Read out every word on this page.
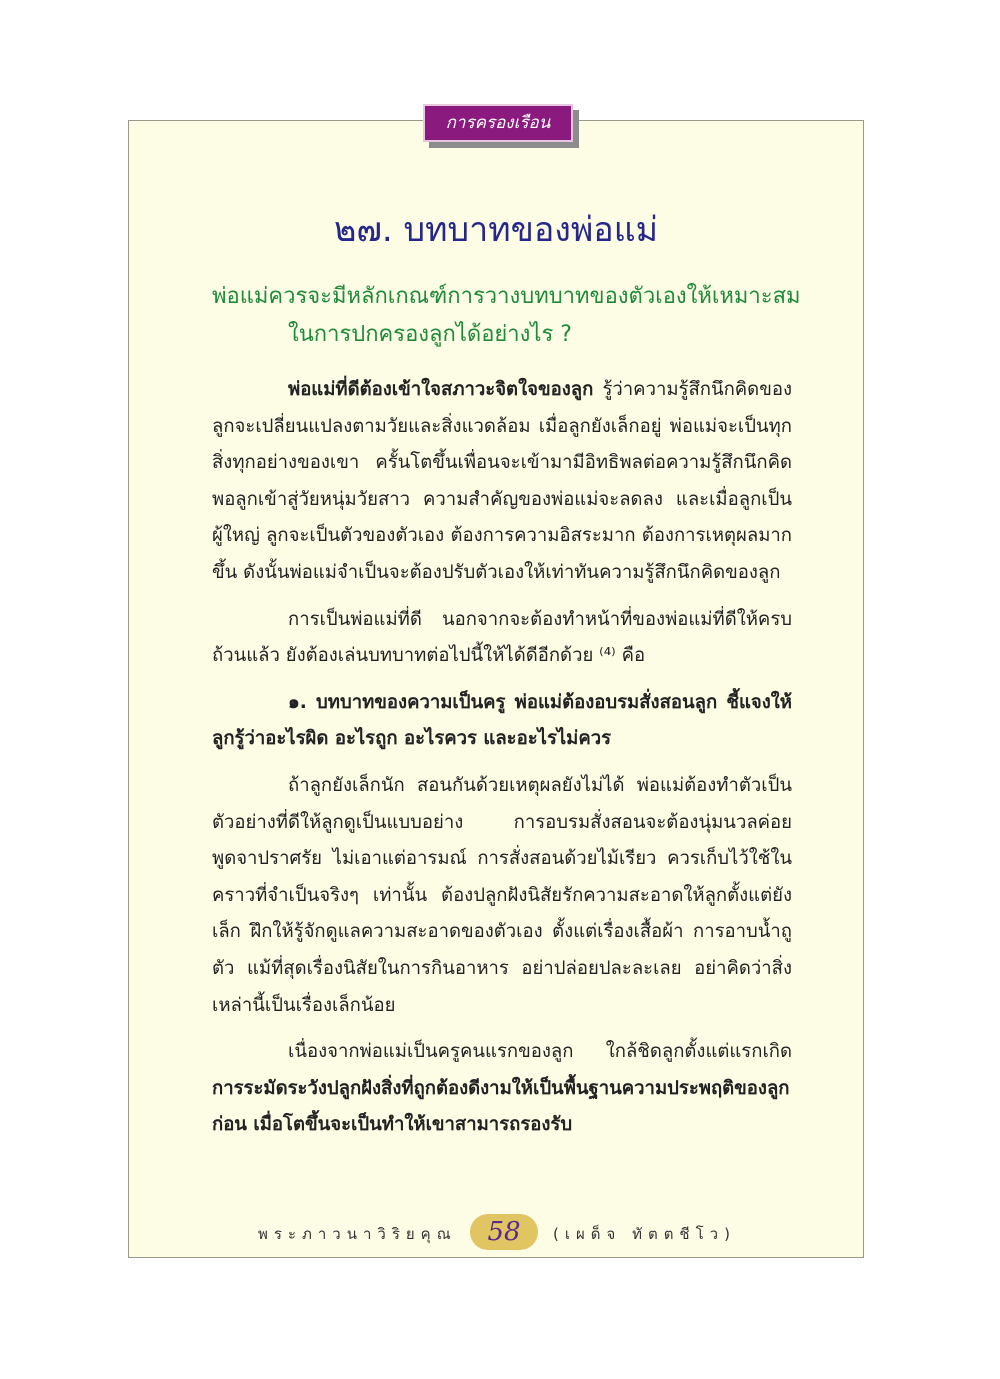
การครองเรือน
๒๗. บทบาทของพ่อแม่
พ่อแม่ควรจะมีหลักเกณฑ์การวางบทบาทของตัวเองให้เหมาะสม
ในการปกครองลูกได้อย่างไร ?

พ่อแม่ที่ดีต้องเข้าใจสภาวะจิตใจของลูก รู้ว่าความรู้สึกนึกคิดของลูกจะเปลี่ยนแปลงตามวัยและสิ่งแวดล้อม เมื่อลูกยังเล็กอยู่ พ่อแม่จะเป็นทุกสิ่งทุกอย่างของเขา ครั้นโตขึ้นเพื่อนจะเข้ามามีอิทธิพลต่อความรู้สึกนึกคิด พอลูกเข้าสู่วัยหนุ่มวัยสาว ความสำคัญของพ่อแม่จะลดลง และเมื่อลูกเป็นผู้ใหญ่ ลูกจะเป็นตัวของตัวเอง ต้องการความอิสระมาก ต้องการเหตุผลมากขึ้น ดังนั้นพ่อแม่จำเป็นจะต้องปรับตัวเองให้เท่าทันความรู้สึกนึกคิดของลูก

การเป็นพ่อแม่ที่ดี นอกจากจะต้องทำหน้าที่ของพ่อแม่ที่ดีให้ครบถ้วนแล้ว ยังต้องเล่นบทบาทต่อไปนี้ให้ได้ดีอีกด้วย ⁽⁴⁾ คือ

๑. บทบาทของความเป็นครู พ่อแม่ต้องอบรมสั่งสอนลูก ชี้แจงให้ลูกรู้ว่าอะไรผิด อะไรถูก อะไรควร และอะไรไม่ควร

ถ้าลูกยังเล็กนัก สอนกันด้วยเหตุผลยังไม่ได้ พ่อแม่ต้องทำตัวเป็นตัวอย่างที่ดีให้ลูกดูเป็นแบบอย่าง การอบรมสั่งสอนจะต้องนุ่มนวลค่อยพูดจาปราศรัย ไม่เอาแต่อารมณ์ การสั่งสอนด้วยไม้เรียว ควรเก็บไว้ใช้ในคราวที่จำเป็นจริงๆ เท่านั้น ต้องปลูกฝังนิสัยรักความสะอาดให้ลูกตั้งแต่ยังเล็ก ฝึกให้รู้จักดูแลความสะอาดของตัวเอง ตั้งแต่เรื่องเสื้อผ้า การอาบน้ำถูตัว แม้ที่สุดเรื่องนิสัยในการกินอาหาร อย่าปล่อยปละละเลย อย่าคิดว่าสิ่งเหล่านี้เป็นเรื่องเล็กน้อย

เนื่องจากพ่อแม่เป็นครูคนแรกของลูก ใกล้ชิดลูกตั้งแต่แรกเกิด การระมัดระวังปลูกฝังสิ่งที่ถูกต้องดีงามให้เป็นพื้นฐานความประพฤติของลูกก่อน เมื่อโตขึ้นจะเป็นทำให้เขาสามารถรองรับ

พระภาวนาวิริยคุณ	58	(เผด็จ ทัตตชีโว)
